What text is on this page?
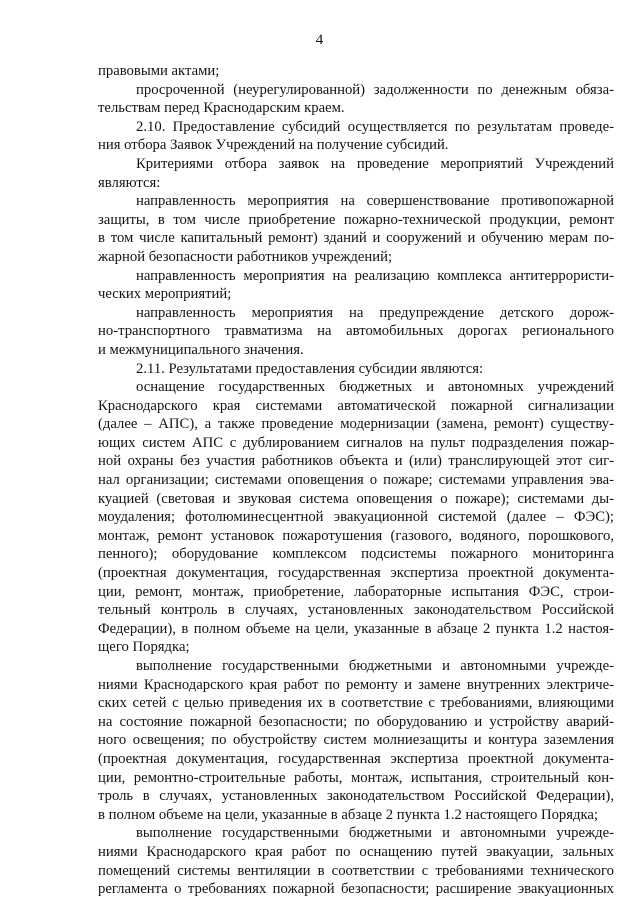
4
правовыми актами;
просроченной (неурегулированной) задолженности по денежным обяза-
тельствам перед Краснодарским краем.
2.10. Предоставление субсидий осуществляется по результатам проведе-
ния отбора Заявок Учреждений на получение субсидий.
Критериями отбора заявок на проведение мероприятий Учреждений
являются:
направленность мероприятия на совершенствование противопожарной
защиты, в том числе приобретение пожарно-технической продукции, ремонт
в том числе капитальный ремонт) зданий и сооружений и обучению мерам по-
жарной безопасности работников учреждений;
направленность мероприятия на реализацию комплекса антитеррористи-
ческих мероприятий;
направленность мероприятия на предупреждение детского дорож-
но-транспортного травматизма на автомобильных дорогах регионального
и межмуниципального значения.
2.11. Результатами предоставления субсидии являются:
оснащение государственных бюджетных и автономных учреждений
Краснодарского края системами автоматической пожарной сигнализации
(далее – АПС), а также проведение модернизации (замена, ремонт) существу-
ющих систем АПС с дублированием сигналов на пульт подразделения пожар-
ной охраны без участия работников объекта и (или) транслирующей этот сиг-
нал организации; системами оповещения о пожаре; системами управления эва-
куацией (световая и звуковая система оповещения о пожаре); системами ды-
моудаления; фотолюминесцентной эвакуационной системой (далее – ФЭС);
монтаж, ремонт установок пожаротушения (газового, водяного, порошкового,
пенного); оборудование комплексом подсистемы пожарного мониторинга
(проектная документация, государственная экспертиза проектной документа-
ции, ремонт, монтаж, приобретение, лабораторные испытания ФЭС, строи-
тельный контроль в случаях, установленных законодательством Российской
Федерации), в полном объеме на цели, указанные в абзаце 2 пункта 1.2 настоя-
щего Порядка;
выполнение государственными бюджетными и автономными учрежде-
ниями Краснодарского края работ по ремонту и замене внутренних электриче-
ских сетей с целью приведения их в соответствие с требованиями, влияющими
на состояние пожарной безопасности; по оборудованию и устройству аварий-
ного освещения; по обустройству систем молниезащиты и контура заземления
(проектная документация, государственная экспертиза проектной документа-
ции, ремонтно-строительные работы, монтаж, испытания, строительный кон-
троль в случаях, установленных законодательством Российской Федерации),
в полном объеме на цели, указанные в абзаце 2 пункта 1.2 настоящего Порядка;
выполнение государственными бюджетными и автономными учрежде-
ниями Краснодарского края работ по оснащению путей эвакуации, зальных
помещений системы вентиляции в соответствии с требованиями технического
регламента о требованиях пожарной безопасности; расширение эвакуационных
